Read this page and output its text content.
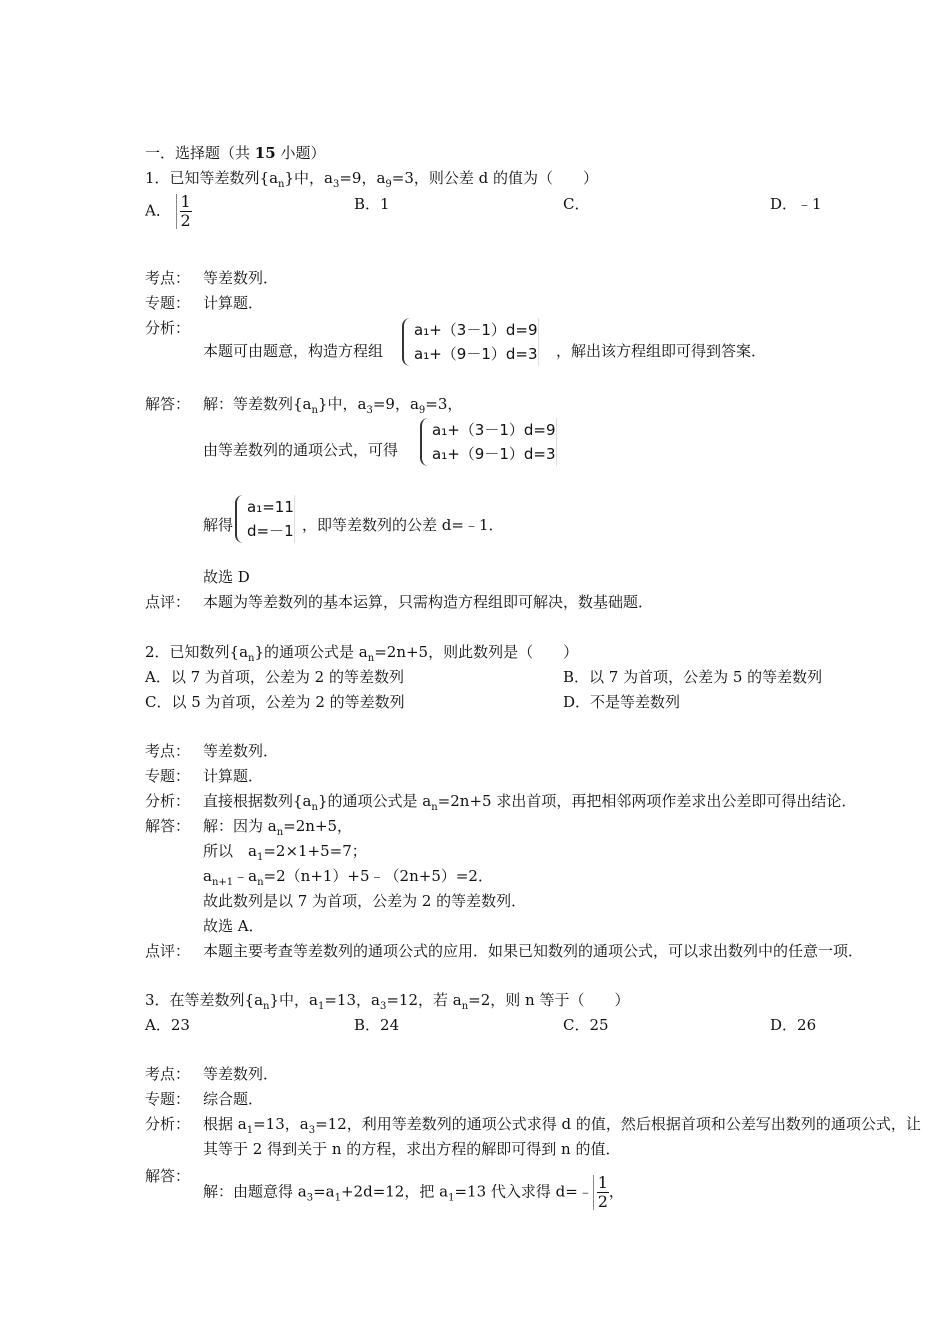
一．选择题（共 15 小题）
1．已知等差数列$\{a_n\}$中，$a_3=9$，$a_9=3$，则公差 d 的值为（　　）
A． $\frac{1}{2}$	B．1	C．	D．﹣1
考点： 等差数列．
专题： 计算题．
分析：
本题可由题意，构造方程组
a₁+（3－1）d=9
a₁+（9－1）d=3 ，解出该方程组即可得到答案．
解答： 解：等差数列$\{a_n\}$中，$a_3=9$，$a_9=3$，
由等差数列的通项公式，可得
a₁+（3－1）d=9
a₁+（9－1）d=3
解得
a₁=11
d=－1 ，即等差数列的公差 d=﹣1．
故选 D
点评： 本题为等差数列的基本运算，只需构造方程组即可解决，数基础题．
2．已知数列$\{a_n\}$的通项公式是 $a_n=2n+5$，则此数列是（　　）
A．以 7 为首项，公差为 2 的等差数列	B．以 7 为首项，公差为 5 的等差数列
C．以 5 为首项，公差为 2 的等差数列	D．不是等差数列
考点： 等差数列．
专题： 计算题．
分析： 直接根据数列$\{a_n\}$的通项公式是 $a_n=2n+5$ 求出首项，再把相邻两项作差求出公差即可得出结论．
解答： 解：因为 $a_n=2n+5$，
所以　$a_1=2\times 1+5=7$；
$a_{n+1}﹣a_n=2(n+1)+5﹣(2n+5)=2$．
故此数列是以 7 为首项，公差为 2 的等差数列．
故选 A．
点评： 本题主要考查等差数列的通项公式的应用．如果已知数列的通项公式，可以求出数列中的任意一项．
3．在等差数列$\{a_n\}$中，$a_1=13$，$a_3=12$，若 $a_n=2$，则 n 等于（　　）
A．23	B．24	C．25	D．26
考点： 等差数列．
专题： 综合题．
分析： 根据 $a_1=13$，$a_3=12$，利用等差数列的通项公式求得 d 的值，然后根据首项和公差写出数列的通项公式，让
其等于 2 得到关于 n 的方程，求出方程的解即可得到 n 的值．
解答：
解：由题意得 $a_3=a_1+2d=12$，把 $a_1=13$ 代入求得 d=﹣ $\frac{1}{2}$ ，
